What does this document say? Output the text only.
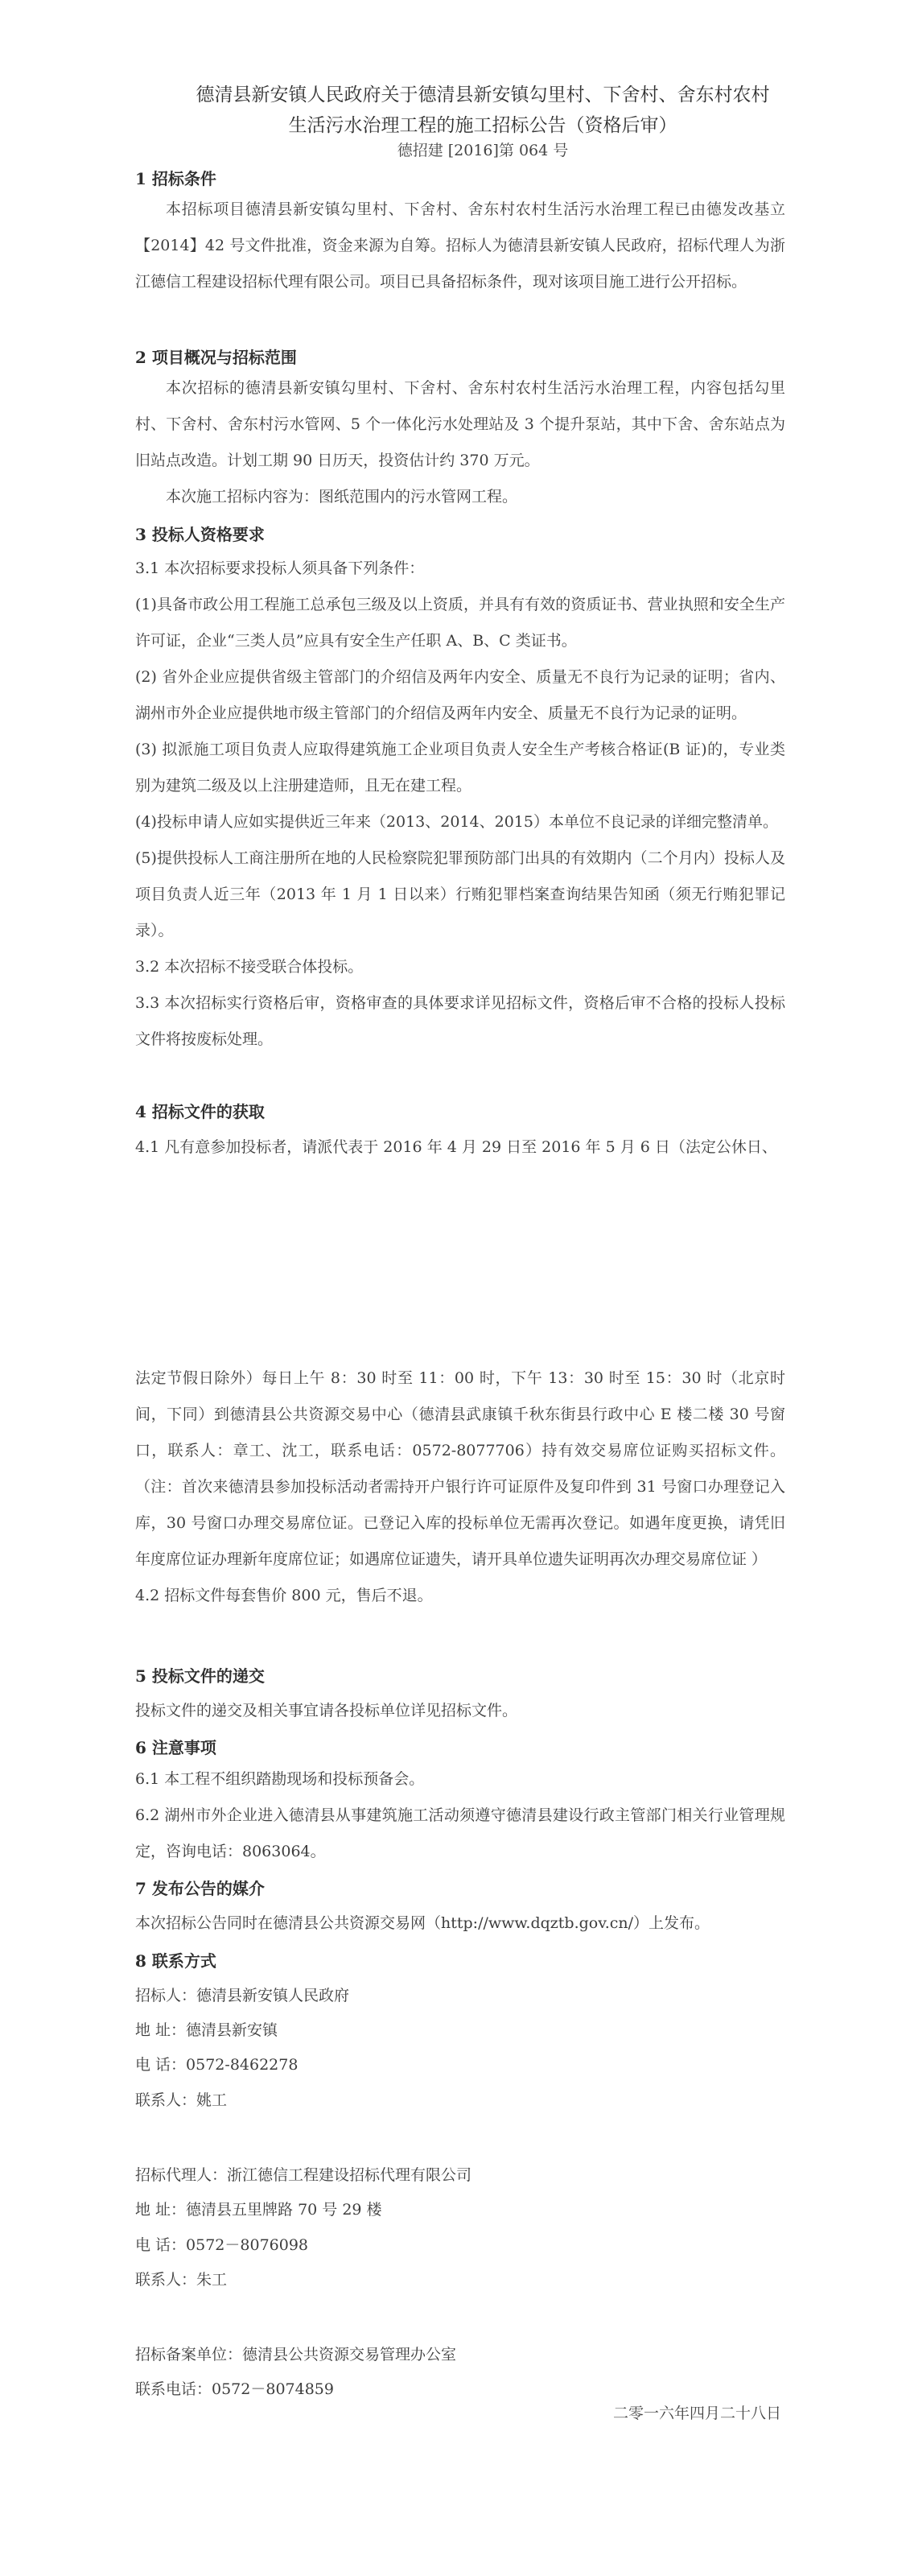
德清县新安镇人民政府关于德清县新安镇勾里村、下舍村、舍东村农村
生活污水治理工程的施工招标公告（资格后审）
德招建 [2016]第 064 号
1 招标条件

本招标项目德清县新安镇勾里村、下舍村、舍东村农村生活污水治理工程已由德发改基立【2014】42 号文件批准，资金来源为自筹。招标人为德清县新安镇人民政府，招标代理人为浙江德信工程建设招标代理有限公司。项目已具备招标条件，现对该项目施工进行公开招标。

2 项目概况与招标范围

本次招标的德清县新安镇勾里村、下舍村、舍东村农村生活污水治理工程，内容包括勾里村、下舍村、舍东村污水管网、5 个一体化污水处理站及 3 个提升泵站，其中下舍、舍东站点为旧站点改造。计划工期 90 日历天，投资估计约 370 万元。

本次施工招标内容为：图纸范围内的污水管网工程。

3 投标人资格要求

3.1 本次招标要求投标人须具备下列条件：

(1)具备市政公用工程施工总承包三级及以上资质，并具有有效的资质证书、营业执照和安全生产许可证，企业“三类人员”应具有安全生产任职 A、B、C 类证书。

(2) 省外企业应提供省级主管部门的介绍信及两年内安全、质量无不良行为记录的证明；省内、湖州市外企业应提供地市级主管部门的介绍信及两年内安全、质量无不良行为记录的证明。

(3) 拟派施工项目负责人应取得建筑施工企业项目负责人安全生产考核合格证(B 证)的，专业类别为建筑二级及以上注册建造师，且无在建工程。

(4)投标申请人应如实提供近三年来（2013、2014、2015）本单位不良记录的详细完整清单。

(5)提供投标人工商注册所在地的人民检察院犯罪预防部门出具的有效期内（二个月内）投标人及项目负责人近三年（2013 年 1 月 1 日以来）行贿犯罪档案查询结果告知函（须无行贿犯罪记录）。

3.2 本次招标不接受联合体投标。

3.3 本次招标实行资格后审，资格审查的具体要求详见招标文件，资格后审不合格的投标人投标文件将按废标处理。

4 招标文件的获取
4.1 凡有意参加投标者，请派代表于 2016 年 4 月 29 日至 2016 年 5 月 6 日（法定公休日、

法定节假日除外）每日上午 8：30 时至 11：00 时，下午 13：30 时至 15：30 时（北京时间，下同）到德清县公共资源交易中心（德清县武康镇千秋东街县行政中心 E 楼二楼 30 号窗口，联系人：章工、沈工，联系电话：0572-8077706）持有效交易席位证购买招标文件。（注：首次来德清县参加投标活动者需持开户银行许可证原件及复印件到 31 号窗口办理登记入库，30 号窗口办理交易席位证。已登记入库的投标单位无需再次登记。如遇年度更换，请凭旧年度席位证办理新年度席位证；如遇席位证遗失，请开具单位遗失证明再次办理交易席位证 ）

4.2 招标文件每套售价 800 元，售后不退。

5 投标文件的递交
投标文件的递交及相关事宜请各投标单位详见招标文件。
6 注意事项

6.1 本工程不组织踏勘现场和投标预备会。

6.2 湖州市外企业进入德清县从事建筑施工活动须遵守德清县建设行政主管部门相关行业管理规定，咨询电话：8063064。

7 发布公告的媒介
本次招标公告同时在德清县公共资源交易网（http://www.dqztb.gov.cn/）上发布。
8 联系方式
招标人：德清县新安镇人民政府
地 址：德清县新安镇
电 话：0572-8462278
联系人：姚工
招标代理人：浙江德信工程建设招标代理有限公司
地 址：德清县五里牌路 70 号 29 楼
电 话：0572－8076098
联系人：朱工
招标备案单位：德清县公共资源交易管理办公室
联系电话：0572－8074859
二零一六年四月二十八日
